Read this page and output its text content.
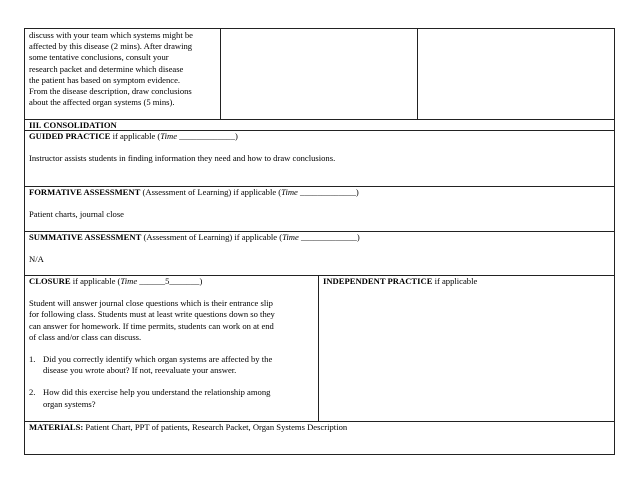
discuss with your team which systems might be
affected by this disease (2 mins). After drawing
some tentative conclusions, consult your
research packet and determine which disease
the patient has based on symptom evidence.
From the disease description, draw conclusions
about the affected organ systems (5 mins).
III. CONSOLIDATION
GUIDED PRACTICE if applicable (Time _____________)
Instructor assists students in finding information they need and how to draw conclusions.
FORMATIVE ASSESSMENT (Assessment of Learning) if applicable (Time _____________)
Patient charts, journal close
SUMMATIVE ASSESSMENT (Assessment of Learning) if applicable (Time _____________)
N/A
CLOSURE if applicable (Time ______5_______)
Student will answer journal close questions which is their entrance slip
for following class. Students must at least write questions down so they
can answer for homework. If time permits, students can work on at end
of class and/or class can discuss.
1. Did you correctly identify which organ systems are affected by the
disease you wrote about? If not, reevaluate your answer.
2. How did this exercise help you understand the relationship among
organ systems?
INDEPENDENT PRACTICE if applicable
MATERIALS: Patient Chart, PPT of patients, Research Packet, Organ Systems Description
